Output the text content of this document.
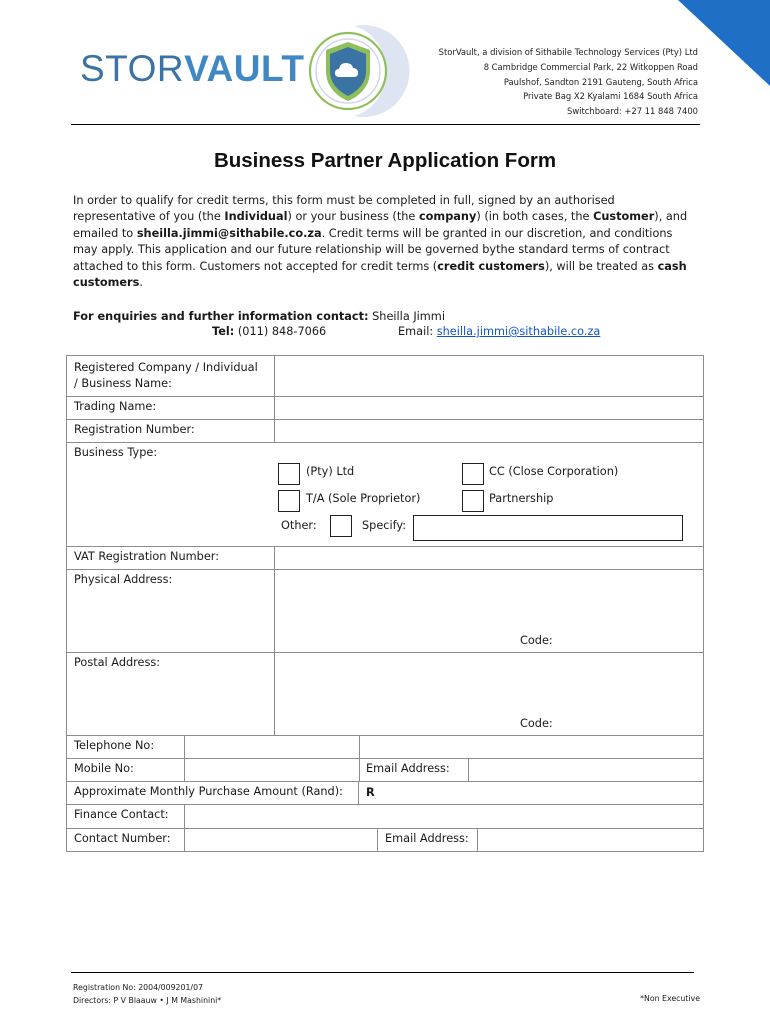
STORVAULT	StorVault, a division of Sithabile Technology Services (Pty) Ltd
8 Cambridge Commercial Park, 22 Witkoppen Road
Paulshof, Sandton 2191 Gauteng, South Africa
Private Bag X2 Kyalami 1684 South Africa
Switchboard: +27 11 848 7400
Business Partner Application Form

In order to qualify for credit terms, this form must be completed in full, signed by an authorised representative of you (the Individual) or your business (the company) (in both cases, the Customer), and emailed to sheilla.jimmi@sithabile.co.za. Credit terms will be granted in our discretion, and conditions may apply. This application and our future relationship will be governed bythe standard terms of contract attached to this form. Customers not accepted for credit terms (credit customers), will be treated as cash customers.

For enquiries and further information contact: Sheilla Jimmi
Tel: (011) 848-7066	Email: sheilla.jimmi@sithabile.co.za
Registered Company / Individual
/ Business Name:
Trading Name:
Registration Number:
Business Type:
(Pty) Ltd	CC (Close Corporation)
T/A (Sole Proprietor)	Partnership
Other:	Specify:
VAT Registration Number:
Physical Address:
Code:
Postal Address:
Code:
Telephone No:
Mobile No:	Email Address:
Approximate Monthly Purchase Amount (Rand): R
Finance Contact:
Contact Number:	Email Address:
Registration No: 2004/009201/07
Directors: P V Blaauw • J M Mashinini*	*Non Executive
